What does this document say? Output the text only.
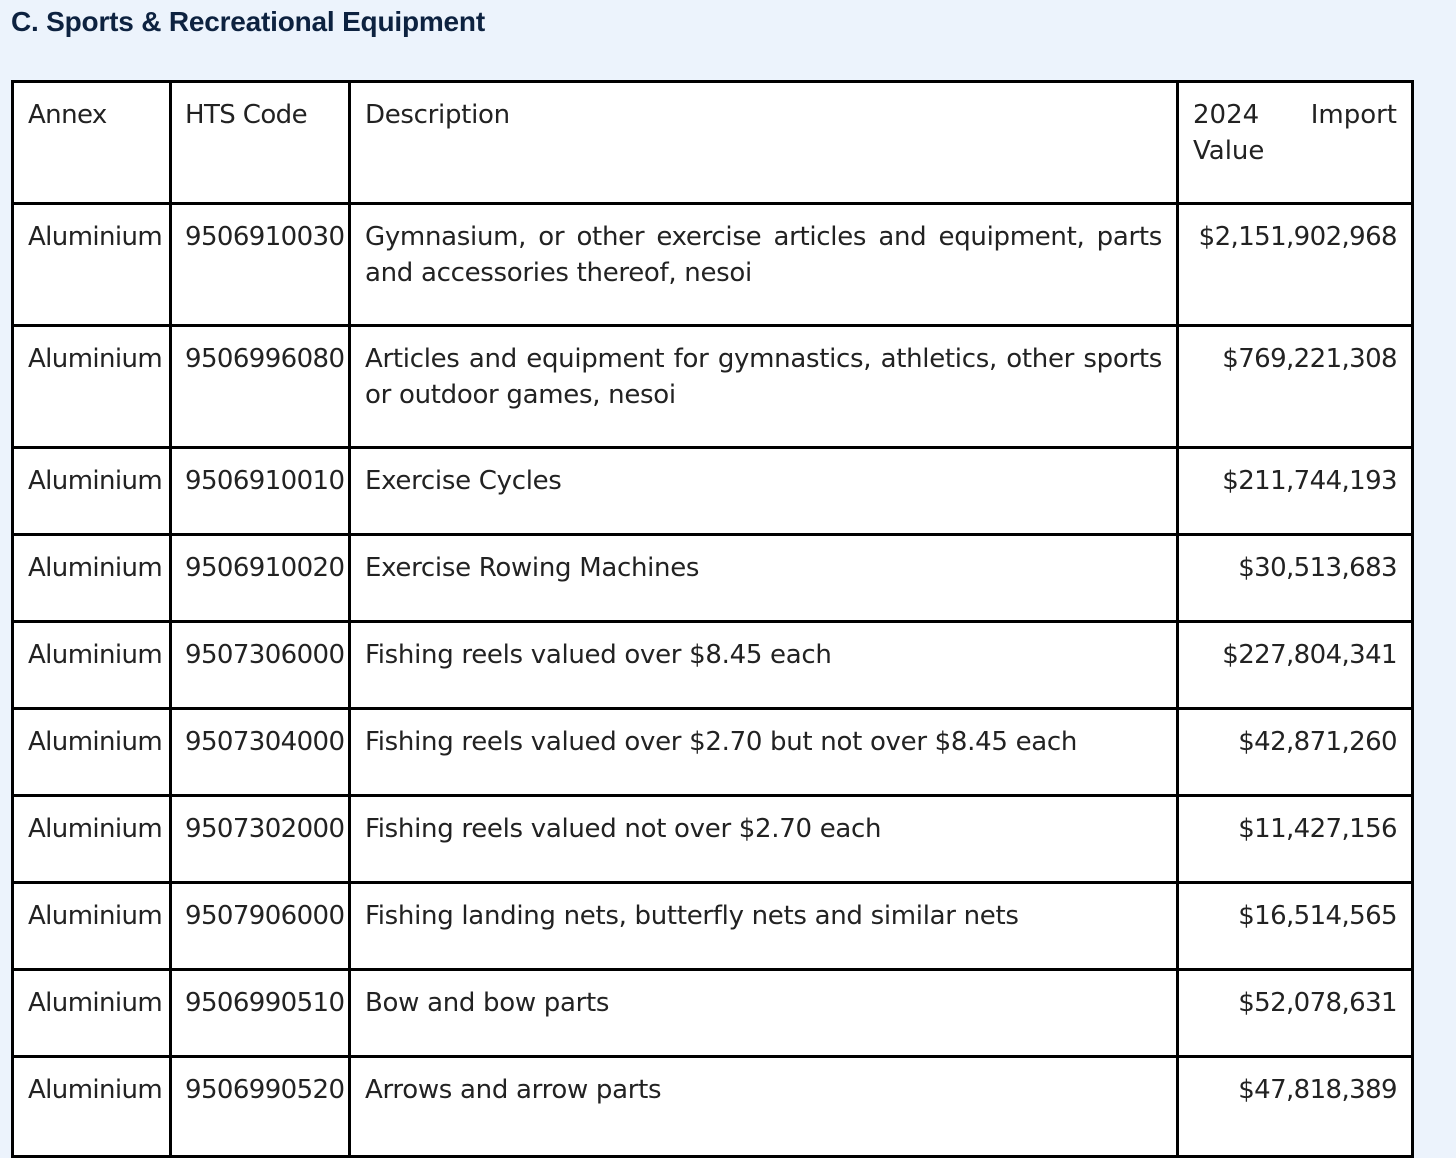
C. Sports & Recreational Equipment
Annex	HTS Code	Description	2024 Import
Value

Aluminium	9506910030	Gymnasium, or other exercise articles and equipment, parts and accessories thereof, nesoi	$2,151,902,968
Aluminium	9506996080	Articles and equipment for gymnastics, athletics, other sports or outdoor games, nesoi	$769,221,308
Aluminium	9506910010	Exercise Cycles	$211,744,193
Aluminium	9506910020	Exercise Rowing Machines	$30,513,683
Aluminium	9507306000	Fishing reels valued over $8.45 each	$227,804,341
Aluminium	9507304000	Fishing reels valued over $2.70 but not over $8.45 each	$42,871,260
Aluminium	9507302000	Fishing reels valued not over $2.70 each	$11,427,156
Aluminium	9507906000	Fishing landing nets, butterfly nets and similar nets	$16,514,565
Aluminium	9506990510	Bow and bow parts	$52,078,631
Aluminium	9506990520	Arrows and arrow parts	$47,818,389
